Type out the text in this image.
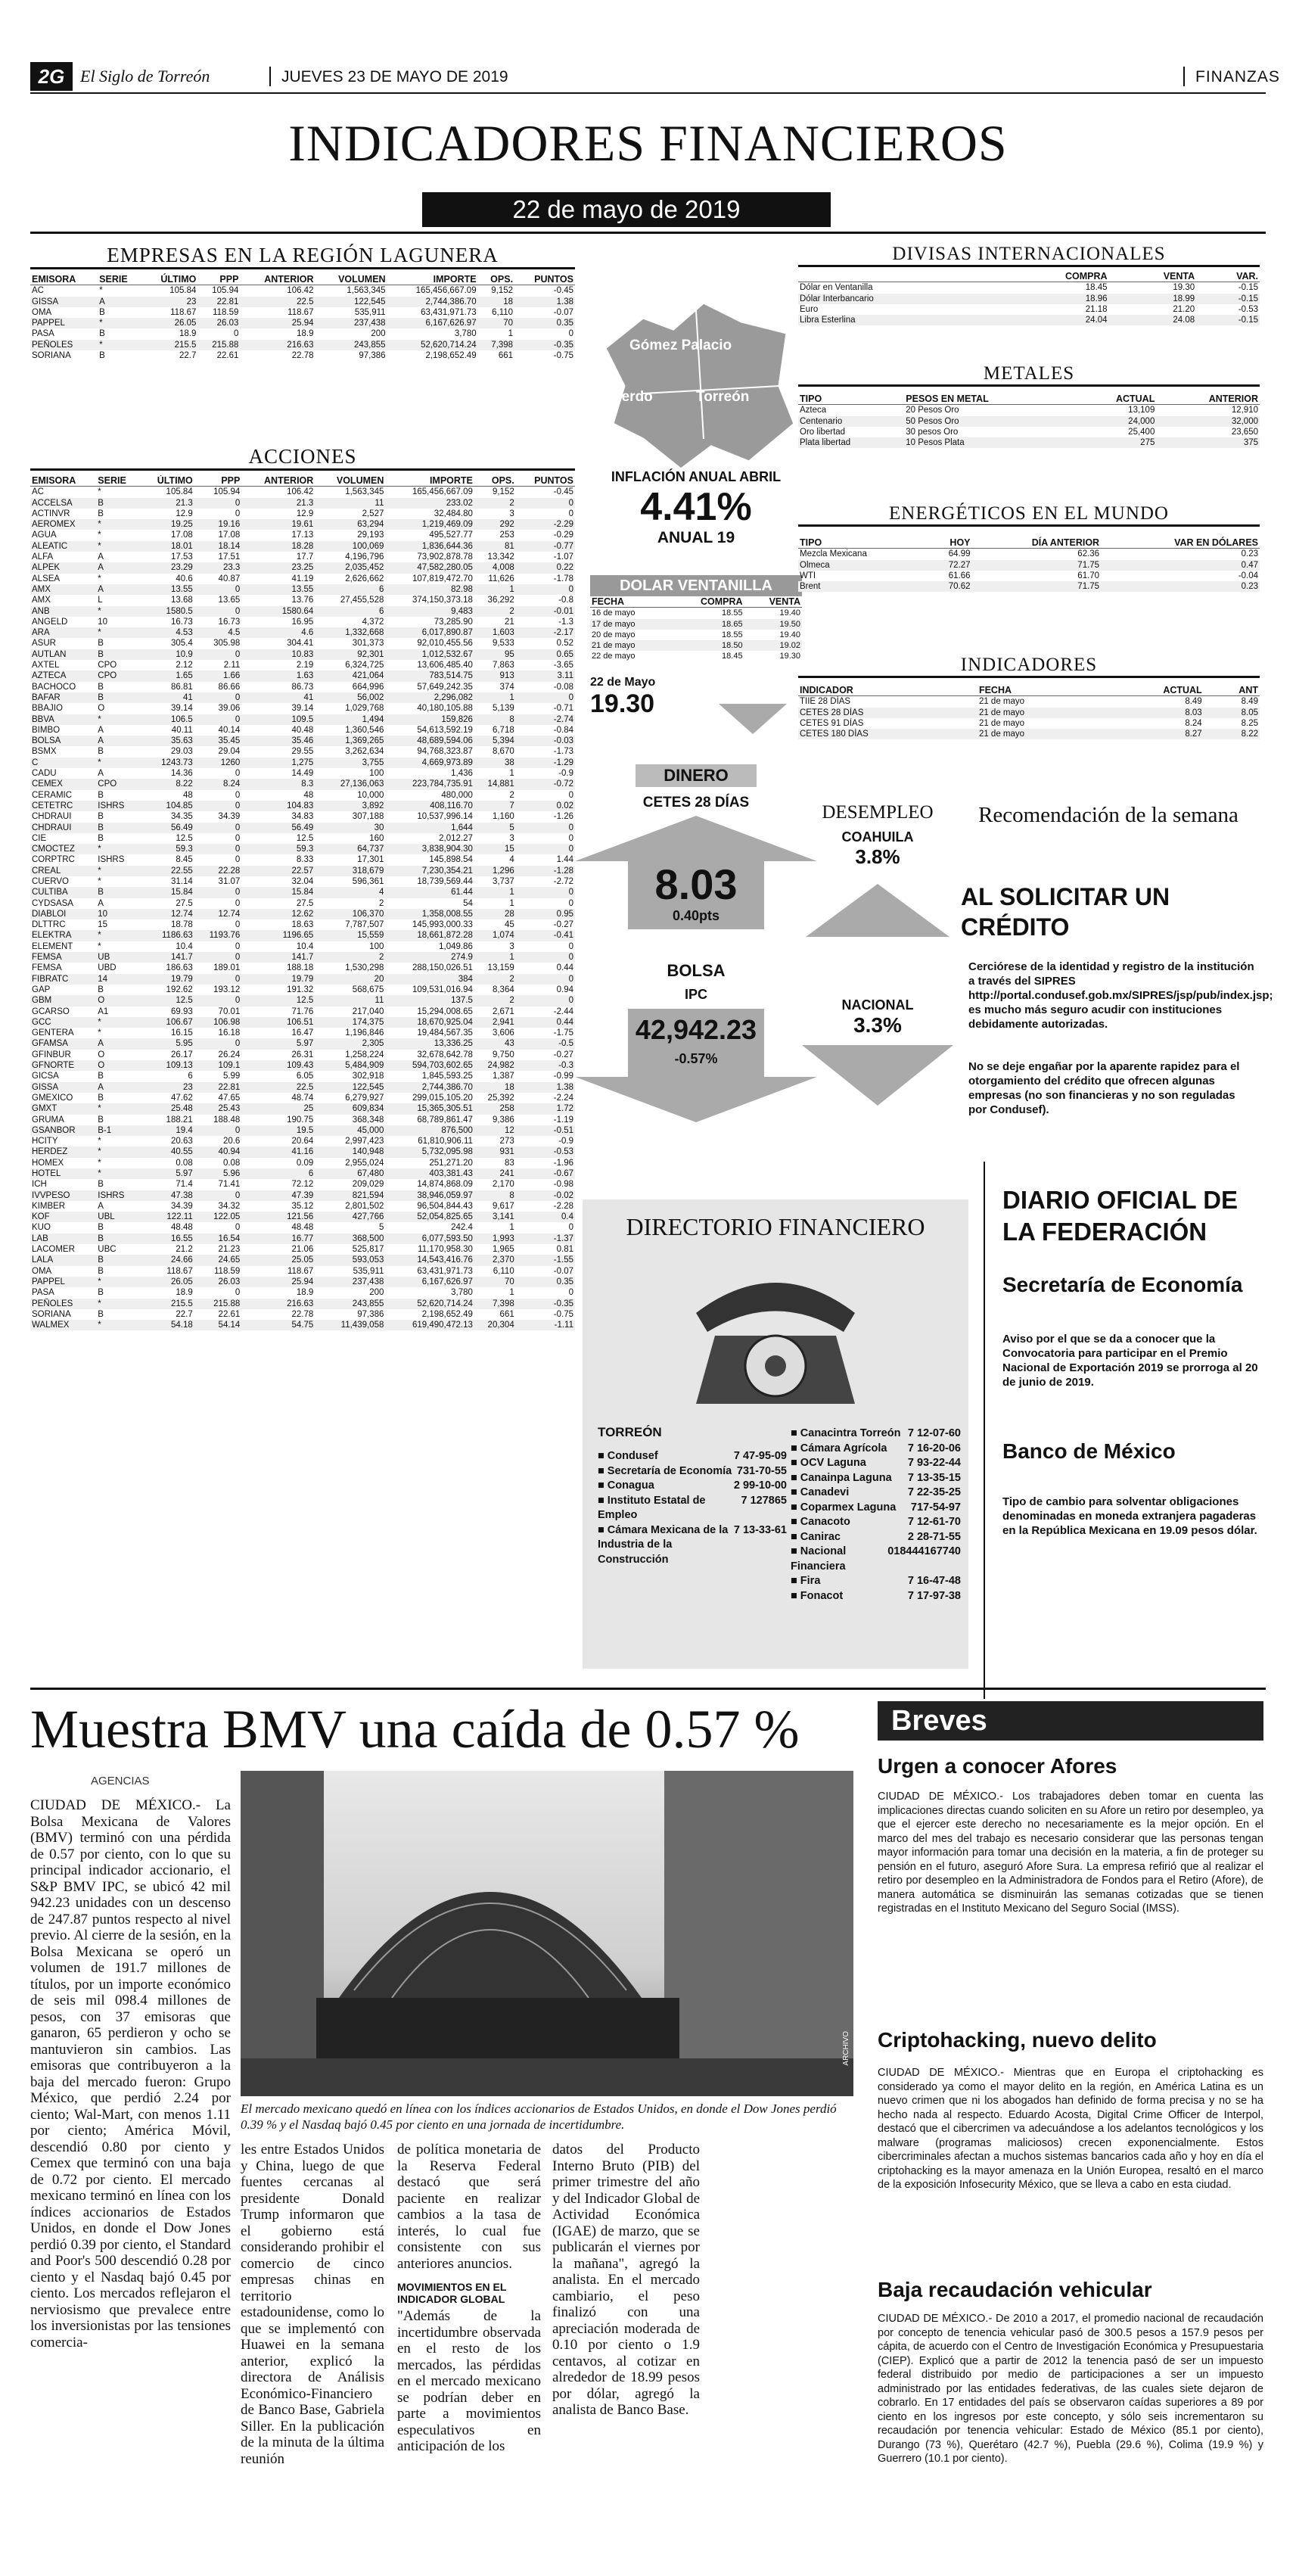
2G El Siglo de Torreón	JUEVES 23 DE MAYO DE 2019	FINANZAS
INDICADORES FINANCIEROS
22 de mayo de 2019
EMPRESAS EN LA REGIÓN LAGUNERA
EMISORA	SERIE	ÚLTIMO	PPP	ANTERIOR	VOLUMEN	IMPORTE	OPS.	PUNTOS
AC	*	105.84	105.94	106.42	1,563,345	165,456,667.09	9,152	-0.45
GISSA	A	23	22.81	22.5	122,545	2,744,386.70	18	1.38
OMA	B	118.67	118.59	118.67	535,911	63,431,971.73	6,110	-0.07
PAPPEL	*	26.05	26.03	25.94	237,438	6,167,626.97	70	0.35
PASA	B	18.9	0	18.9	200	3,780	1	0
PEÑOLES	*	215.5	215.88	216.63	243,855	52,620,714.24	7,398	-0.35
SORIANA	B	22.7	22.61	22.78	97,386	2,198,652.49	661	-0.75
Gómez Palacio
Lerdo	Torreón
INFLACIÓN ANUAL ABRIL
4.41%
ANUAL 19
ACCIONES
EMISORA	SERIE	ÚLTIMO	PPP	ANTERIOR	VOLUMEN	IMPORTE	OPS.	PUNTOS
AC	*	105.84	105.94	106.42	1,563,345	165,456,667.09	9,152	-0.45
ACCELSA	B	21.3	0	21.3	11	233.02	2	0
ACTINVR	B	12.9	0	12.9	2,527	32,484.80	3	0
AEROMEX	*	19.25	19.16	19.61	63,294	1,219,469.09	292	-2.29
AGUA	*	17.08	17.08	17.13	29,193	495,527.77	253	-0.29
ALEATIC	*	18.01	18.14	18.28	100,069	1,836,644.36	81	-0.77
ALFA	A	17.53	17.51	17.7	4,196,796	73,902,878.78	13,342	-1.07
ALPEK	A	23.29	23.3	23.25	2,035,452	47,582,280.05	4,008	0.22
ALSEA	*	40.6	40.87	41.19	2,626,662	107,819,472.70	11,626	-1.78
AMX	A	13.55	0	13.55	6	82.98	1	0
AMX	L	13.68	13.65	13.76	27,455,528	374,150,373.18	36,292	-0.8
ANB	*	1580.5	0	1580.64	6	9,483	2	-0.01
ANGELD	10	16.73	16.73	16.95	4,372	73,285.90	21	-1.3
ARA	*	4.53	4.5	4.6	1,332,668	6,017,890.87	1,603	-2.17
ASUR	B	305.4	305.98	304.41	301,373	92,010,455.56	9,533	0.52
AUTLAN	B	10.9	0	10.83	92,301	1,012,532.67	95	0.65
AXTEL	CPO	2.12	2.11	2.19	6,324,725	13,606,485.40	7,863	-3.65
AZTECA	CPO	1.65	1.66	1.63	421,064	783,514.75	913	3.11
BACHOCO	B	86.81	86.66	86.73	664,996	57,649,242.35	374	-0.08
BAFAR	B	41	0	41	56,002	2,296,082	1	0
BBAJIO	O	39.14	39.06	39.14	1,029,768	40,180,105.88	5,139	-0.71
BBVA	*	106.5	0	109.5	1,494	159,826	8	-2.74
BIMBO	A	40.11	40.14	40.48	1,360,546	54,613,592.19	6,718	-0.84
BOLSA	A	35.63	35.45	35.46	1,369,265	48,689,594.06	5,394	-0.03
BSMX	B	29.03	29.04	29.55	3,262,634	94,768,323.87	8,670	-1.73
C	*	1243.73	1260	1,275	3,755	4,669,973.89	38	-1.29
CADU	A	14.36	0	14.49	100	1,436	1	-0.9
CEMEX	CPO	8.22	8.24	8.3	27,136,063	223,784,735.91	14,881	-0.72
CERAMIC	B	48	0	48	10,000	480,000	2	0
CETETRC	ISHRS	104.85	0	104.83	3,892	408,116.70	7	0.02
CHDRAUI	B	34.35	34.39	34.83	307,188	10,537,996.14	1,160	-1.26
CHDRAUI	B	56.49	0	56.49	30	1,644	5	0
CIE	B	12.5	0	12.5	160	2,012.27	3	0
CMOCTEZ	*	59.3	0	59.3	64,737	3,838,904.30	15	0
CORPTRC	ISHRS	8.45	0	8.33	17,301	145,898.54	4	1.44
CREAL	*	22.55	22.28	22.57	318,679	7,230,354.21	1,296	-1.28
CUERVO	*	31.14	31.07	32.04	596,361	18,739,569.44	3,737	-2.72
CULTIBA	B	15.84	0	15.84	4	61.44	1	0
CYDSASA	A	27.5	0	27.5	2	54	1	0
DIABLOI	10	12.74	12.74	12.62	106,370	1,358,008.55	28	0.95
DLTTRC	15	18.78	0	18.63	7,787,507	145,993,000.33	45	-0.27
ELEKTRA	*	1186.63	1193.76	1196.65	15,559	18,661,872.28	1,074	-0.41
ELEMENT	*	10.4	0	10.4	100	1,049.86	3	0
FEMSA	UB	141.7	0	141.7	2	274.9	1	0
FEMSA	UBD	186.63	189.01	188.18	1,530,298	288,150,026.51	13,159	0.44
FIBRATC	14	19.79	0	19.79	20	384	2	0
GAP	B	192.62	193.12	191.32	568,675	109,531,016.94	8,364	0.94
GBM	O	12.5	0	12.5	11	137.5	2	0
GCARSO	A1	69.93	70.01	71.76	217,040	15,294,008.65	2,671	-2.44
GCC	*	106.67	106.98	106.51	174,375	18,670,925.04	2,941	0.44
GENTERA	*	16.15	16.18	16.47	1,196,846	19,484,567.35	3,606	-1.75
GFAMSA	A	5.95	0	5.97	2,305	13,336.25	43	-0.5
GFINBUR	O	26.17	26.24	26.31	1,258,224	32,678,642.78	9,750	-0.27
GFNORTE	O	109.13	109.1	109.43	5,484,909	594,703,602.65	24,982	-0.3
GICSA	B	6	5.99	6.05	302,918	1,845,593.25	1,387	-0.99
GISSA	A	23	22.81	22.5	122,545	2,744,386.70	18	1.38
GMEXICO	B	47.62	47.65	48.74	6,279,927	299,015,105.20	25,392	-2.24
GMXT	*	25.48	25.43	25	609,834	15,365,305.51	258	1.72
GRUMA	B	188.21	188.48	190.75	368,348	68,789,861.47	9,386	-1.19
GSANBOR	B-1	19.4	0	19.5	45,000	876,500	12	-0.51
HCITY	*	20.63	20.6	20.64	2,997,423	61,810,906.11	273	-0.9
HERDEZ	*	40.55	40.94	41.16	140,948	5,732,095.98	931	-0.53
HOMEX	*	0.08	0.08	0.09	2,955,024	251,271.20	83	-1.96
HOTEL	*	5.97	5.96	6	67,480	403,381.43	241	-0.67
ICH	B	71.4	71.41	72.12	209,029	14,874,868.09	2,170	-0.98
IVVPESO	ISHRS	47.38	0	47.39	821,594	38,946,059.97	8	-0.02
KIMBER	A	34.39	34.32	35.12	2,801,502	96,504,844.43	9,617	-2.28
KOF	UBL	122.11	122.05	121.56	427,766	52,054,825.65	3,141	0.4
KUO	B	48.48	0	48.48	5	242.4	1	0
LAB	B	16.55	16.54	16.77	368,500	6,077,593.50	1,993	-1.37
LACOMER	UBC	21.2	21.23	21.06	525,817	11,170,958.30	1,965	0.81
LALA	B	24.66	24.65	25.05	593,053	14,543,416.76	2,370	-1.55
OMA	B	118.67	118.59	118.67	535,911	63,431,971.73	6,110	-0.07
PAPPEL	*	26.05	26.03	25.94	237,438	6,167,626.97	70	0.35
PASA	B	18.9	0	18.9	200	3,780	1	0
PEÑOLES	*	215.5	215.88	216.63	243,855	52,620,714.24	7,398	-0.35
SORIANA	B	22.7	22.61	22.78	97,386	2,198,652.49	661	-0.75
WALMEX	*	54.18	54.14	54.75	11,439,058	619,490,472.13	20,304	-1.11
DOLAR VENTANILLA
FECHA	COMPRA	VENTA
16 de mayo	18.55	19.40
17 de mayo	18.65	19.50
20 de mayo	18.55	19.40
21 de mayo	18.50	19.02
22 de mayo	18.45	19.30
22 de Mayo
19.30
DINERO
CETES 28 DÍAS
8.03
0.40pts
BOLSA
IPC
42,942.23
-0.57%
DESEMPLEO
COAHUILA
3.8%
NACIONAL
3.3%
DIVISAS INTERNACIONALES
	COMPRA	VENTA	VAR.
Dólar en Ventanilla	18.45	19.30	-0.15
Dólar Interbancario	18.96	18.99	-0.15
Euro	21.18	21.20	-0.53
Libra Esterlina	24.04	24.08	-0.15
METALES
TIPO	PESOS EN METAL	ACTUAL	ANTERIOR
Azteca	20 Pesos Oro	13,109	12,910
Centenario	50 Pesos Oro	24,000	32,000
Oro libertad	30 pesos Oro	25,400	23,650
Plata libertad	10 Pesos Plata	275	375
ENERGÉTICOS EN EL MUNDO
TIPO	HOY	DÍA ANTERIOR	VAR EN DÓLARES
Mezcla Mexicana	64.99	62.36	0.23
Olmeca	72.27	71.75	0.47
WTI	61.66	61.70	-0.04
Brent	70.62	71.75	0.23
INDICADORES
INDICADOR	FECHA	ACTUAL	ANT
TIIE 28 DÍAS	21 de mayo	8.49	8.49
CETES 28 DÍAS	21 de mayo	8.03	8.05
CETES 91 DÍAS	21 de mayo	8.24	8.25
CETES 180 DÍAS	21 de mayo	8.27	8.22
Recomendación de la semana
AL SOLICITAR UN CRÉDITO
Cerciórese de la identidad y registro de la institución a través del SIPRES http://portal.condusef.gob.mx/SIPRES/jsp/pub/index.jsp; es mucho más seguro acudir con instituciones debidamente autorizadas.
No se deje engañar por la aparente rapidez para el otorgamiento del crédito que ofrecen algunas empresas (no son financieras y no son reguladas por Condusef).
DIARIO OFICIAL DE LA FEDERACIÓN
Secretaría de Economía
Aviso por el que se da a conocer que la Convocatoria para participar en el Premio Nacional de Exportación 2019 se prorroga al 20 de junio de 2019.
Banco de México
Tipo de cambio para solventar obligaciones denominadas en moneda extranjera pagaderas en la República Mexicana en 19.09 pesos dólar.
DIRECTORIO FINANCIERO
TORREÓN
■ Condusef	7 47-95-09
■ Secretaría de Economía 731-70-55
■ Conagua	2 99-10-00
■ Instituto Estatal de Empleo
7 127865
■ Cámara Mexicana de la Industria de la Construcción
7 13-33-61
■ Canacintra Torreón 7 12-07-60
■ Cámara Agrícola 7 16-20-06
■ OCV Laguna	7 93-22-44
■ Canainpa Laguna 7 13-35-15
■ Canadevi	7 22-35-25
■ Coparmex Laguna 717-54-97
■ Canacoto	7 12-61-70
■ Canirac	2 28-71-55
■ Nacional Financiera
018444167740
■ Fira	7 16-47-48
■ Fonacot	7 17-97-38
Muestra BMV una caída de 0.57 %
AGENCIAS
CIUDAD DE MÉXICO.- La Bolsa Mexicana de Valores (BMV) terminó con una pérdida de 0.57 por ciento, con lo que su principal indicador accionario, el S&P BMV IPC, se ubicó 42 mil 942.23 unidades con un descenso de 247.87 puntos respecto al nivel previo. Al cierre de la sesión, en la Bolsa Mexicana se operó un volumen de 191.7 millones de títulos, por un importe económico de seis mil 098.4 millones de pesos, con 37 emisoras que ganaron, 65 perdieron y ocho se mantuvieron sin cambios. Las emisoras que contribuyeron a la baja del mercado fueron: Grupo México, que perdió 2.24 por ciento; Wal-Mart, con menos 1.11 por ciento; América Móvil, descendió 0.80 por ciento y Cemex que terminó con una baja de 0.72 por ciento. El mercado mexicano terminó en línea con los índices accionarios de Estados Unidos, en donde el Dow Jones perdió 0.39 por ciento, el Standard and Poor's 500 descendió 0.28 por ciento y el Nasdaq bajó 0.45 por ciento. Los mercados reflejaron el nerviosismo que prevalece entre los inversionistas por las tensiones comercia-
ARCHIVO
El mercado mexicano quedó en línea con los índices accionarios de Estados Unidos, en donde el Dow Jones perdió 0.39 % y el Nasdaq bajó 0.45 por ciento en una jornada de incertidumbre.
les entre Estados Unidos y China, luego de que fuentes cercanas al presidente Donald Trump informaron que el gobierno está considerando prohibir el comercio de cinco empresas chinas en territorio estadounidense, como lo que se implementó con Huawei en la semana anterior, explicó la directora de Análisis Económico-Financiero de Banco Base, Gabriela Siller. En la publicación de la minuta de la última reunión
de política monetaria de la Reserva Federal destacó que será paciente en realizar cambios a la tasa de interés, lo cual fue consistente con sus anteriores anuncios.
MOVIMIENTOS EN EL INDICADOR GLOBAL
"Además de la incertidumbre observada en el resto de los mercados, las pérdidas en el mercado mexicano se podrían deber en parte a movimientos especulativos en anticipación de los
datos del Producto Interno Bruto (PIB) del primer trimestre del año y del Indicador Global de Actividad Económica (IGAE) de marzo, que se publicarán el viernes por la mañana", agregó la analista. En el mercado cambiario, el peso finalizó con una apreciación moderada de 0.10 por ciento o 1.9 centavos, al cotizar en alrededor de 18.99 pesos por dólar, agregó la analista de Banco Base.
Breves
Urgen a conocer Afores
CIUDAD DE MÉXICO.- Los trabajadores deben tomar en cuenta las implicaciones directas cuando soliciten en su Afore un retiro por desempleo, ya que el ejercer este derecho no necesariamente es la mejor opción. En el marco del mes del trabajo es necesario considerar que las personas tengan mayor información para tomar una decisión en la materia, a fin de proteger su pensión en el futuro, aseguró Afore Sura. La empresa refirió que al realizar el retiro por desempleo en la Administradora de Fondos para el Retiro (Afore), de manera automática se disminuirán las semanas cotizadas que se tienen registradas en el Instituto Mexicano del Seguro Social (IMSS).
Criptohacking, nuevo delito
CIUDAD DE MÉXICO.- Mientras que en Europa el criptohacking es considerado ya como el mayor delito en la región, en América Latina es un nuevo crimen que ni los abogados han definido de forma precisa y no se ha hecho nada al respecto. Eduardo Acosta, Digital Crime Officer de Interpol, destacó que el cibercrimen va adecuándose a los adelantos tecnológicos y los malware (programas maliciosos) crecen exponencialmente. Estos cibercriminales afectan a muchos sistemas bancarios cada año y hoy en día el criptohacking es la mayor amenaza en la Unión Europea, resaltó en el marco de la exposición Infosecurity México, que se lleva a cabo en esta ciudad.
Baja recaudación vehicular
CIUDAD DE MÉXICO.- De 2010 a 2017, el promedio nacional de recaudación por concepto de tenencia vehicular pasó de 300.5 pesos a 157.9 pesos per cápita, de acuerdo con el Centro de Investigación Económica y Presupuestaria (CIEP). Explicó que a partir de 2012 la tenencia pasó de ser un impuesto federal distribuido por medio de participaciones a ser un impuesto administrado por las entidades federativas, de las cuales siete dejaron de cobrarlo. En 17 entidades del país se observaron caídas superiores a 89 por ciento en los ingresos por este concepto, y sólo seis incrementaron su recaudación por tenencia vehicular: Estado de México (85.1 por ciento), Durango (73 %), Querétaro (42.7 %), Puebla (29.6 %), Colima (19.9 %) y Guerrero (10.1 por ciento).
